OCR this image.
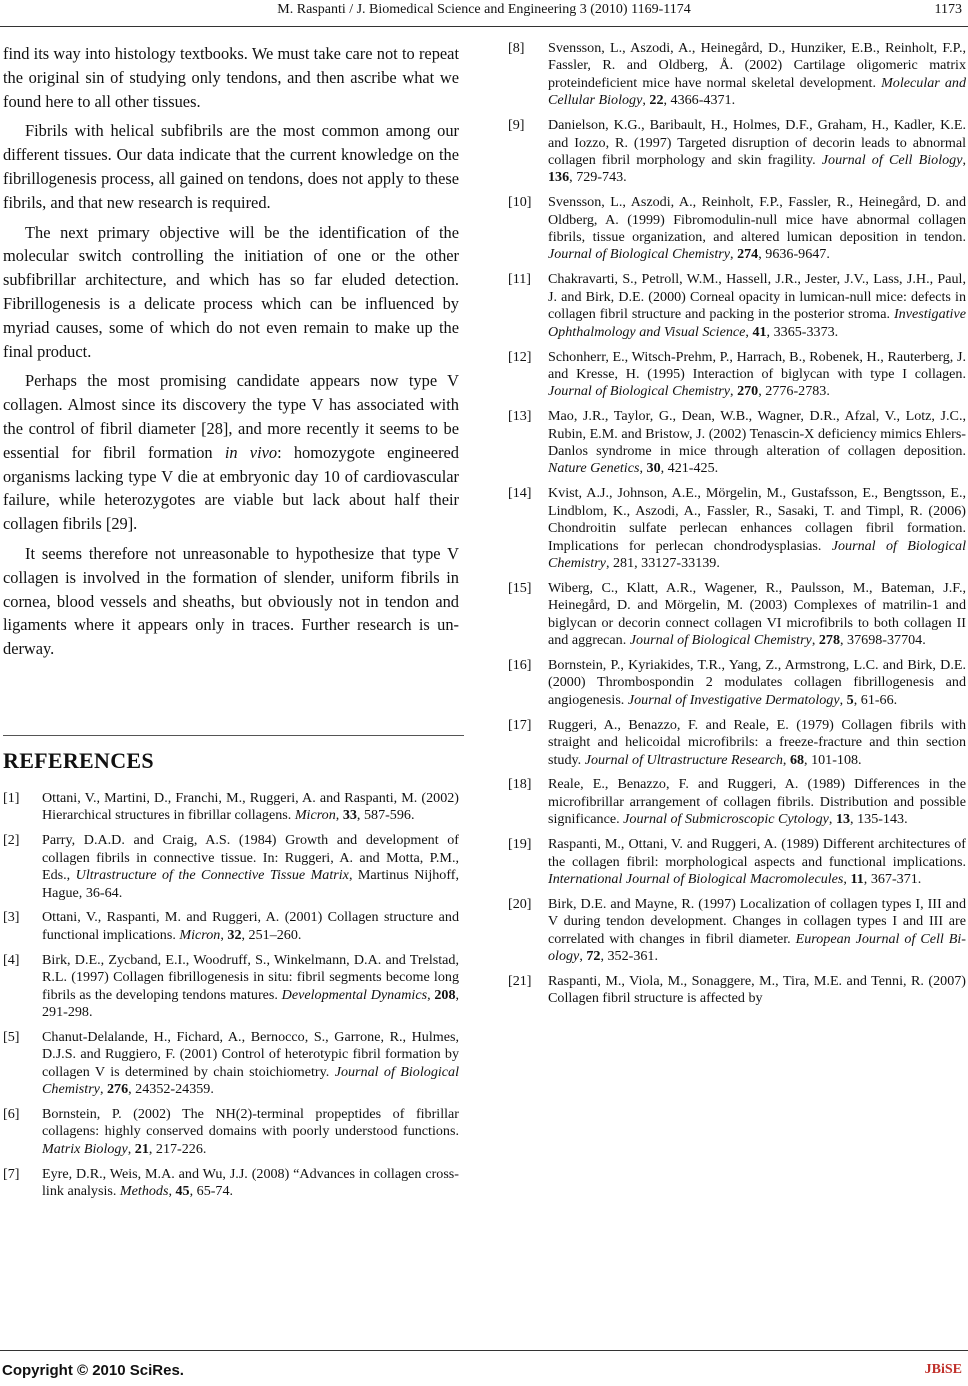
M. Raspanti / J. Biomedical Science and Engineering 3 (2010) 1169-1174	1173

find its way into histology textbooks. We must take care not to repeat the original sin of studying only tendons, and then ascribe what we found here to all other tissues.

Fibrils with helical subfibrils are the most common among our different tissues. Our data indicate that the current knowledge on the fibrillogenesis process, all gained on tendons, does not apply to these fibrils, and that new research is required.

The next primary objective will be the identification of the molecular switch controlling the initiation of one or the other subfibrillar architecture, and which has so far eluded detection. Fibrillogenesis is a delicate process which can be influenced by myriad causes, some of which do not even remain to make up the final product.

Perhaps the most promising candidate appears now type V collagen. Almost since its discovery the type V has associated with the control of fibril diameter [28], and more recently it seems to be essential for fibril formation in vivo: homozygote engineered organisms lacking type V die at embryonic day 10 of cardiovascular failure, while heterozygotes are viable but lack about half their collagen fibrils [29].

It seems therefore not unreasonable to hypothesize that type V collagen is involved in the formation of slender, uniform fibrils in cornea, blood vessels and sheaths, but obviously not in tendon and ligaments where it appears only in traces. Further research is underway.

REFERENCES
[1] Ottani, V., Martini, D., Franchi, M., Ruggeri, A. and Raspanti, M. (2002) Hierarchical structures in fibrillar collagens. Micron, 33, 587-596.
[2] Parry, D.A.D. and Craig, A.S. (1984) Growth and development of collagen fibrils in connective tissue. In: Ruggeri, A. and Motta, P.M., Eds., Ultrastructure of the Connective Tissue Matrix, Martinus Nijhoff, Hague, 36-64.
[3] Ottani, V., Raspanti, M. and Ruggeri, A. (2001) Collagen structure and functional implications. Micron, 32, 251–260.
[4] Birk, D.E., Zycband, E.I., Woodruff, S., Winkelmann, D.A. and Trelstad, R.L. (1997) Collagen fibrillogenesis in situ: fibril segments become long fibrils as the developing tendons matures. Developmental Dynamics, 208, 291-298.
[5] Chanut-Delalande, H., Fichard, A., Bernocco, S., Garrone, R., Hulmes, D.J.S. and Ruggiero, F. (2001) Control of heterotypic fibril formation by collagen V is determined by chain stoichiometry. Journal of Biological Chemistry, 276, 24352-24359.
[6] Bornstein, P. (2002) The NH(2)-terminal propeptides of fibrillar collagens: highly conserved domains with poorly understood functions. Matrix Biology, 21, 217-226.
[7] Eyre, D.R., Weis, M.A. and Wu, J.J. (2008) “Advances in collagen cross-link analysis. Methods, 45, 65-74.
[8] Svensson, L., Aszodi, A., Heinegård, D., Hunziker, E.B., Reinholt, F.P., Fassler, R. and Oldberg, Å. (2002) Cartilage oligomeric matrix proteindeficient mice have normal skeletal development. Molecular and Cellular Biology, 22, 4366-4371.
[9] Danielson, K.G., Baribault, H., Holmes, D.F., Graham, H., Kadler, K.E. and Iozzo, R. (1997) Targeted disruption of decorin leads to abnormal collagen fibril morphology and skin fragility. Journal of Cell Biology, 136, 729-743.
[10] Svensson, L., Aszodi, A., Reinholt, F.P., Fassler, R., Heinegård, D. and Oldberg, A. (1999) Fibromodulin-null mice have abnormal collagen fibrils, tissue organization, and altered lumican deposition in tendon. Journal of Biological Chemistry, 274, 9636-9647.
[11] Chakravarti, S., Petroll, W.M., Hassell, J.R., Jester, J.V., Lass, J.H., Paul, J. and Birk, D.E. (2000) Corneal opacity in lumican-null mice: defects in collagen fibril structure and packing in the posterior stroma. Investigative Ophthalmology and Visual Science, 41, 3365-3373.
[12] Schonherr, E., Witsch-Prehm, P., Harrach, B., Robenek, H., Rauterberg, J. and Kresse, H. (1995) Interaction of biglycan with type I collagen. Journal of Biological Chemistry, 270, 2776-2783.
[13] Mao, J.R., Taylor, G., Dean, W.B., Wagner, D.R., Afzal, V., Lotz, J.C., Rubin, E.M. and Bristow, J. (2002) Tenascin-X deficiency mimics Ehlers-Danlos syndrome in mice through alteration of collagen deposition. Nature Genetics, 30, 421-425.
[14] Kvist, A.J., Johnson, A.E., Mörgelin, M., Gustafsson, E., Bengtsson, E., Lindblom, K., Aszodi, A., Fassler, R., Sasaki, T. and Timpl, R. (2006) Chondroitin sulfate perlecan enhances collagen fibril formation. Implications for perlecan chondrodysplasias. Journal of Biological Chemistry, 281, 33127-33139.
[15] Wiberg, C., Klatt, A.R., Wagener, R., Paulsson, M., Bateman, J.F., Heinegård, D. and Mörgelin, M. (2003) Complexes of matrilin-1 and biglycan or decorin connect collagen VI microfibrils to both collagen II and aggrecan. Journal of Biological Chemistry, 278, 37698-37704.
[16] Bornstein, P., Kyriakides, T.R., Yang, Z., Armstrong, L.C. and Birk, D.E. (2000) Thrombospondin 2 modulates collagen fibrillogenesis and angiogenesis. Journal of Investigative Dermatology, 5, 61-66.
[17] Ruggeri, A., Benazzo, F. and Reale, E. (1979) Collagen fibrils with straight and helicoidal microfibrils: a freeze-fracture and thin section study. Journal of Ultrastructure Research, 68, 101-108.
[18] Reale, E., Benazzo, F. and Ruggeri, A. (1989) Differences in the microfibrillar arrangement of collagen fibrils. Distribution and possible significance. Journal of Submicroscopic Cytology, 13, 135-143.
[19] Raspanti, M., Ottani, V. and Ruggeri, A. (1989) Different architectures of the collagen fibril: morphological aspects and functional implications. International Journal of Biological Macromolecules, 11, 367-371.
[20] Birk, D.E. and Mayne, R. (1997) Localization of collagen types I, III and V during tendon development. Changes in collagen types I and III are correlated with changes in fibril diameter. European Journal of Cell Biology, 72, 352-361.
[21] Raspanti, M., Viola, M., Sonaggere, M., Tira, M.E. and Tenni, R. (2007) Collagen fibril structure is affected by
Copyright © 2010 SciRes.	JBiSE
